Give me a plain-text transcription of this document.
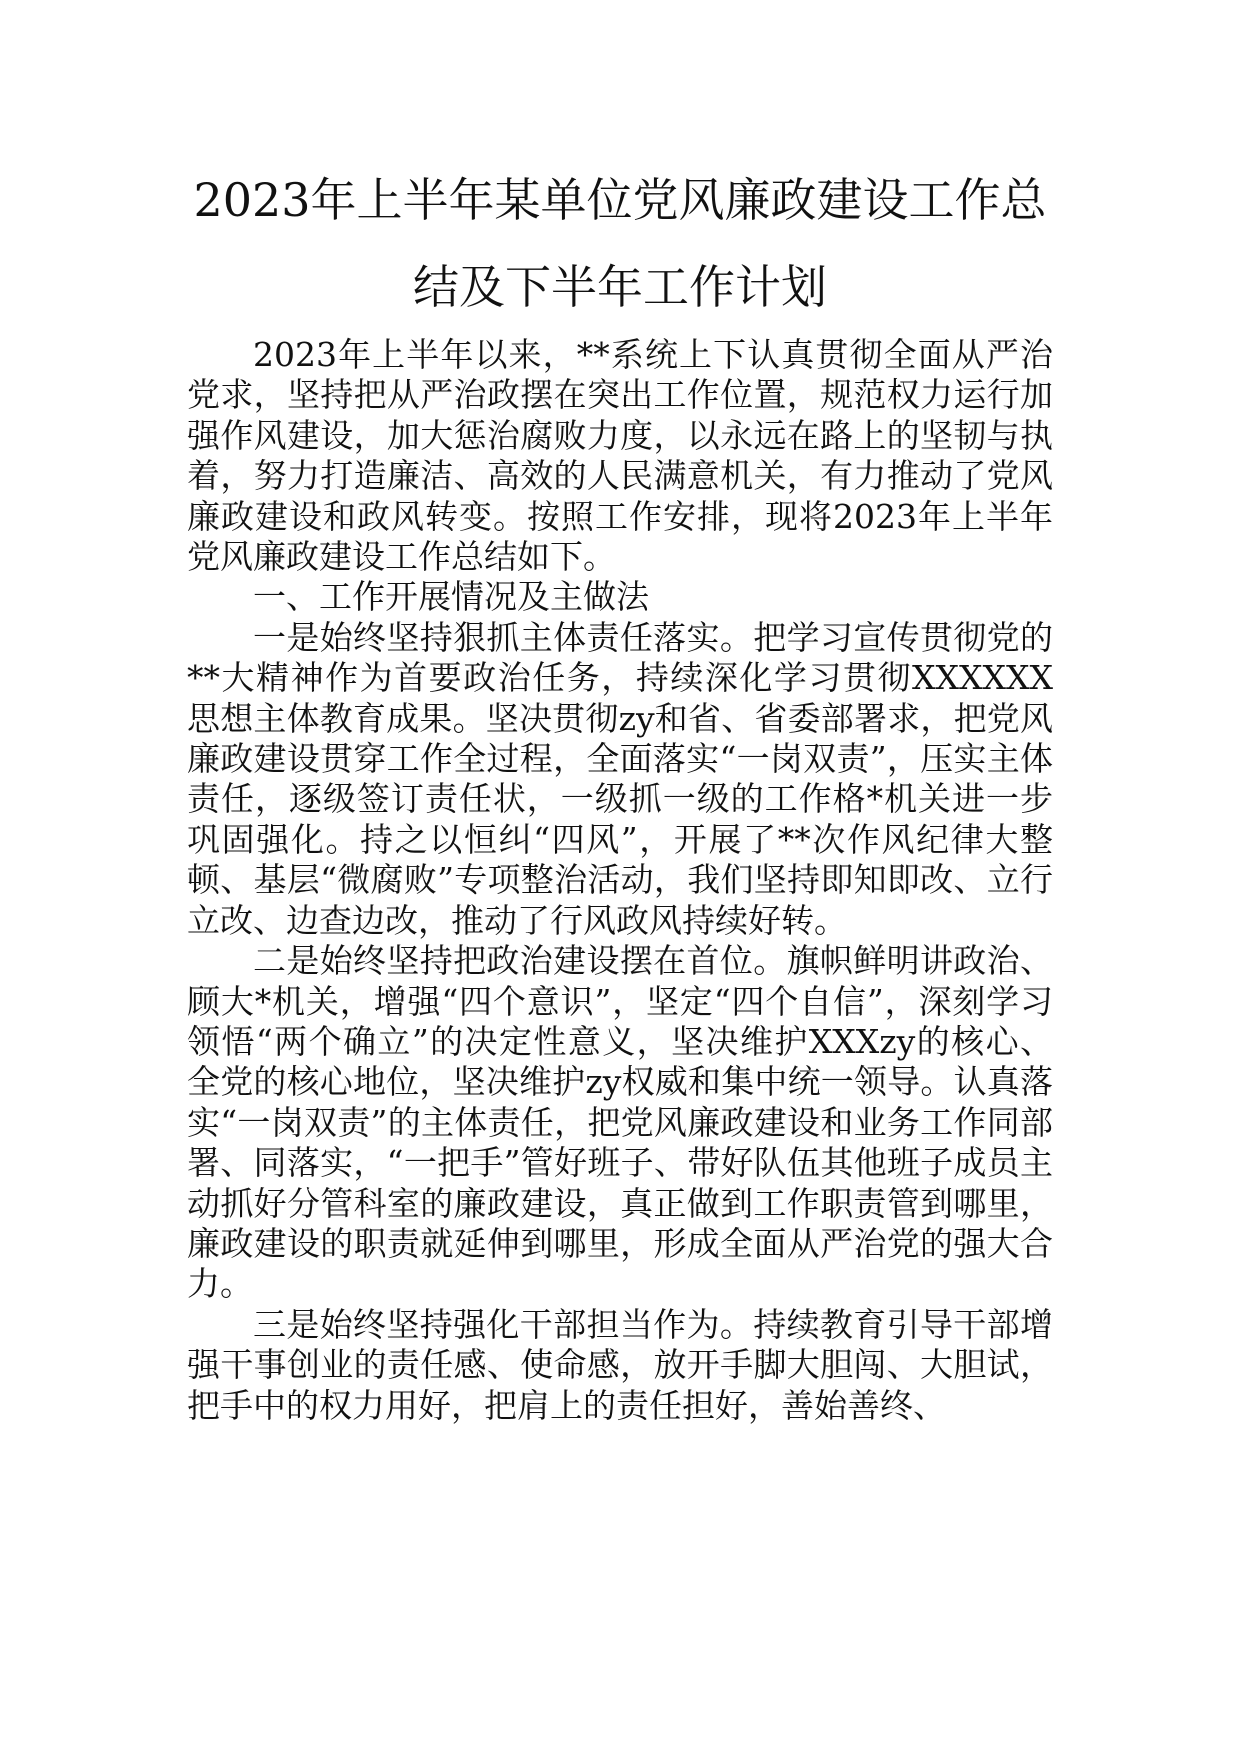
2023年上半年某单位党风廉政建设工作总
结及下半年工作计划

2023年上半年以来，**系统上下认真贯彻全面从严治党求，坚持把从严治政摆在突出工作位置，规范权力运行加强作风建设，加大惩治腐败力度，以永远在路上的坚韧与执着，努力打造廉洁、高效的人民满意机关，有力推动了党风廉政建设和政风转变。按照工作安排，现将2023年上半年党风廉政建设工作总结如下。

一、工作开展情况及主做法

一是始终坚持狠抓主体责任落实。把学习宣传贯彻党的**大精神作为首要政治任务，持续深化学习贯彻XXXXXX思想主体教育成果。坚决贯彻zy和省、省委部署求，把党风廉政建设贯穿工作全过程，全面落实“一岗双责”，压实主体责任，逐级签订责任状，一级抓一级的工作格*机关进一步巩固强化。持之以恒纠“四风”，开展了**次作风纪律大整顿、基层“微腐败”专项整治活动，我们坚持即知即改、立行立改、边查边改，推动了行风政风持续好转。

二是始终坚持把政治建设摆在首位。旗帜鲜明讲政治、顾大*机关，增强“四个意识”，坚定“四个自信”，深刻学习领悟“两个确立”的决定性意义，坚决维护XXXzy的核心、全党的核心地位，坚决维护zy权威和集中统一领导。认真落实“一岗双责”的主体责任，把党风廉政建设和业务工作同部署、同落实，“一把手”管好班子、带好队伍其他班子成员主动抓好分管科室的廉政建设，真正做到工作职责管到哪里，廉政建设的职责就延伸到哪里，形成全面从严治党的强大合力。

三是始终坚持强化干部担当作为。持续教育引导干部增强干事创业的责任感、使命感，放开手脚大胆闯、大胆试，把手中的权力用好，把肩上的责任担好，善始善终、
